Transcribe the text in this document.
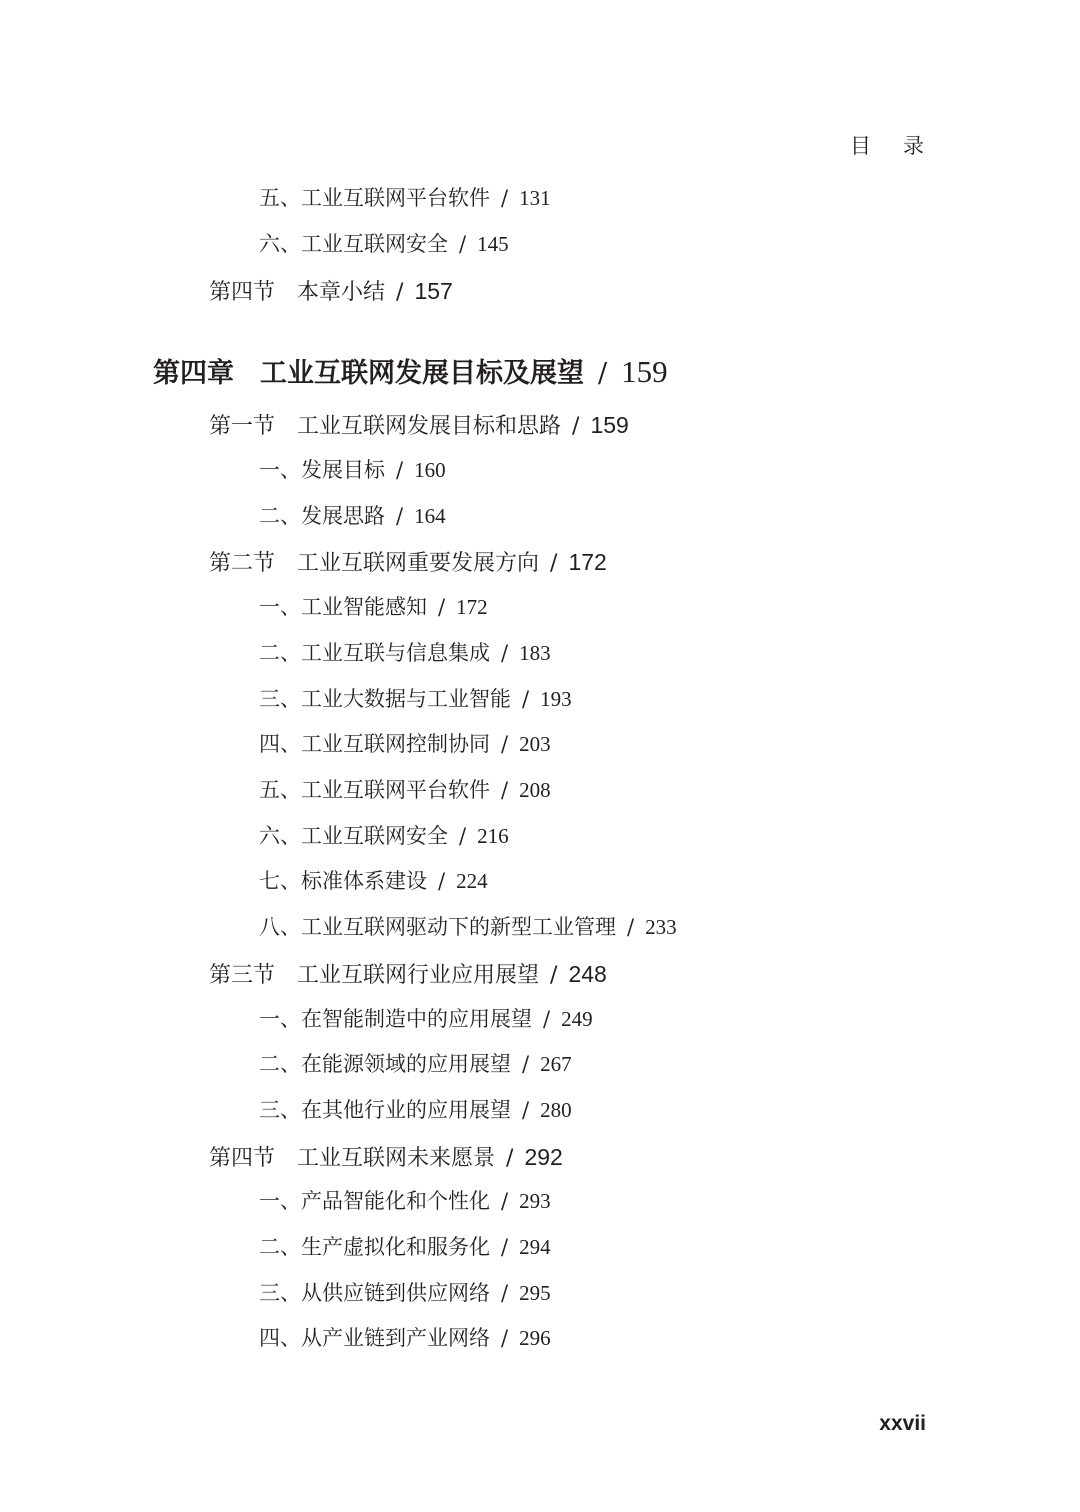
目录
五、工业互联网平台软件 / 131
六、工业互联网安全 / 145
第四节 本章小结 / 157
第四章 工业互联网发展目标及展望 / 159
第一节 工业互联网发展目标和思路 / 159
一、发展目标 / 160
二、发展思路 / 164
第二节 工业互联网重要发展方向 / 172
一、工业智能感知 / 172
二、工业互联与信息集成 / 183
三、工业大数据与工业智能 / 193
四、工业互联网控制协同 / 203
五、工业互联网平台软件 / 208
六、工业互联网安全 / 216
七、标准体系建设 / 224
八、工业互联网驱动下的新型工业管理 / 233
第三节 工业互联网行业应用展望 / 248
一、在智能制造中的应用展望 / 249
二、在能源领域的应用展望 / 267
三、在其他行业的应用展望 / 280
第四节 工业互联网未来愿景 / 292
一、产品智能化和个性化 / 293
二、生产虚拟化和服务化 / 294
三、从供应链到供应网络 / 295
四、从产业链到产业网络 / 296
xxvii
